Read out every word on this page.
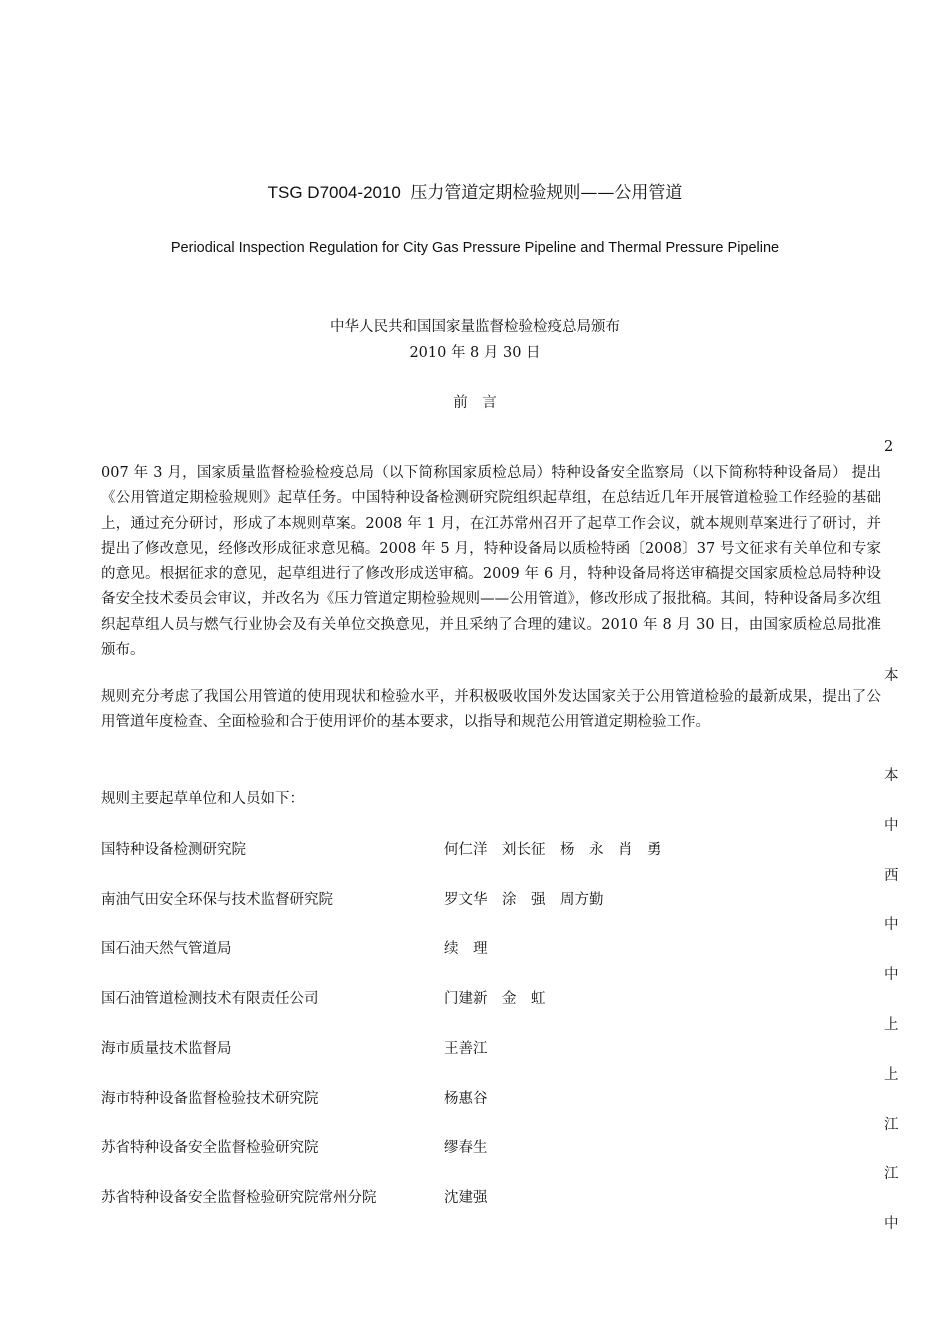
TSG D7004-2010 压力管道定期检验规则——公用管道
Periodical Inspection Regulation for City Gas Pressure Pipeline and Thermal Pressure Pipeline
中华人民共和国国家量监督检验检疫总局颁布
2010 年 8 月 30 日
前言
2
本
本
中
西
中
中
上
上
江
江
中
007 年 3 月，国家质量监督检验检疫总局（以下简称国家质检总局）特种设备安全监察局（以下简称特种设备局） 提出《公用管道定期检验规则》起草任务。中国特种设备检测研究院组织起草组，在总结近几年开展管道检验工作经验的基础上，通过充分研讨，形成了本规则草案。2008 年 1 月，在江苏常州召开了起草工作会议，就本规则草案进行了研讨，并提出了修改意见，经修改形成征求意见稿。2008 年 5 月，特种设备局以质检特函〔2008〕37 号文征求有关单位和专家的意见。根据征求的意见，起草组进行了修改形成送审稿。2009 年 6 月，特种设备局将送审稿提交国家质检总局特种设备安全技术委员会审议，并改名为《压力管道定期检验规则——公用管道》，修改形成了报批稿。其间，特种设备局多次组织起草组人员与燃气行业协会及有关单位交换意见，并且采纳了合理的建议。2010 年 8 月 30 日，由国家质检总局批准颁布。
规则充分考虑了我国公用管道的使用现状和检验水平，并积极吸收国外发达国家关于公用管道检验的最新成果，提出了公用管道年度检查、全面检验和合于使用评价的基本要求，以指导和规范公用管道定期检验工作。
规则主要起草单位和人员如下：
国特种设备检测研究院	何仁洋　刘长征　杨　永　肖　勇
南油气田安全环保与技术监督研究院	罗文华　涂　强　周方勤
国石油天然气管道局	续　理
国石油管道检测技术有限责任公司	门建新　金　虹
海市质量技术监督局	王善江
海市特种设备监督检验技术研究院	杨惠谷
苏省特种设备安全监督检验研究院	缪春生
苏省特种设备安全监督检验研究院常州分院	沈建强
